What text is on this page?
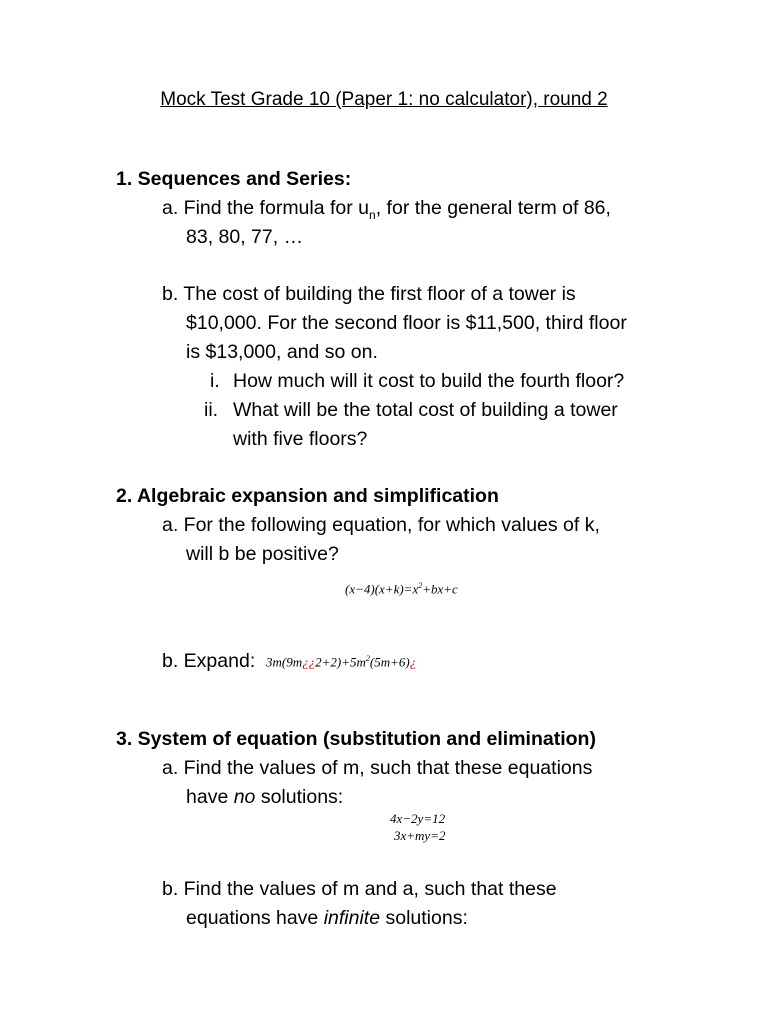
Mock Test Grade 10 (Paper 1: no calculator), round 2
1. Sequences and Series:
a. Find the formula for $u_n$, for the general term of 86,
83, 80, 77, …
b. The cost of building the first floor of a tower is
$10,000. For the second floor is $11,500, third floor
is $13,000, and so on.
i. How much will it cost to build the fourth floor?
ii. What will be the total cost of building a tower
with five floors?
2. Algebraic expansion and simplification
a. For the following equation, for which values of k,
will b be positive?
$(x-4)(x+k)=x^2+bx+c$
b. Expand: $3m(9m¿¿2+2)+5m^2(5m+6)¿$
3. System of equation (substitution and elimination)
a. Find the values of m, such that these equations
have no solutions:
4x−2y=12
3x+my=2
b. Find the values of m and a, such that these
equations have infinite solutions:
